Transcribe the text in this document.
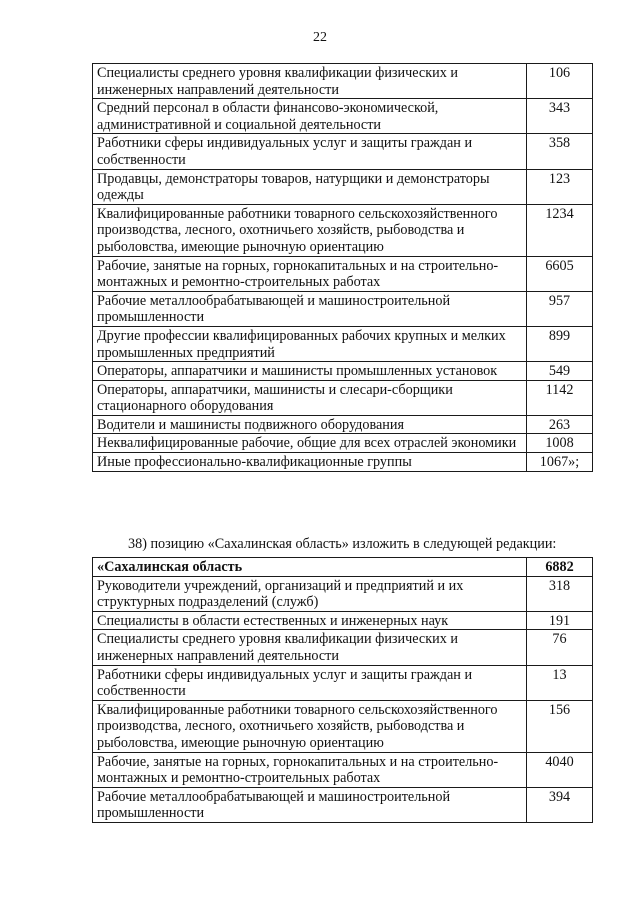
22
Специалисты среднего уровня квалификации физических и инженерных направлений деятельности	106
Средний персонал в области финансово-экономической, административной и социальной деятельности	343
Работники сферы индивидуальных услуг и защиты граждан и собственности	358
Продавцы, демонстраторы товаров, натурщики и демонстраторы одежды	123
Квалифицированные работники товарного сельскохозяйственного производства, лесного, охотничьего хозяйств, рыбоводства и рыболовства, имеющие рыночную ориентацию	1234
Рабочие, занятые на горных, горнокапитальных и на строительно-монтажных и ремонтно-строительных работах	6605
Рабочие металлообрабатывающей и машиностроительной промышленности	957
Другие профессии квалифицированных рабочих крупных и мелких промышленных предприятий	899
Операторы, аппаратчики и машинисты промышленных установок	549
Операторы, аппаратчики, машинисты и слесари-сборщики стационарного оборудования	1142
Водители и машинисты подвижного оборудования	263
Неквалифицированные рабочие, общие для всех отраслей экономики	1008
Иные профессионально-квалификационные группы	1067»;
38) позицию «Сахалинская область» изложить в следующей редакции:
«Сахалинская область	6882
Руководители учреждений, организаций и предприятий и их структурных подразделений (служб)	318
Специалисты в области естественных и инженерных наук	191
Специалисты среднего уровня квалификации физических и инженерных направлений деятельности	76
Работники сферы индивидуальных услуг и защиты граждан и собственности	13
Квалифицированные работники товарного сельскохозяйственного производства, лесного, охотничьего хозяйств, рыбоводства и рыболовства, имеющие рыночную ориентацию	156
Рабочие, занятые на горных, горнокапитальных и на строительно-монтажных и ремонтно-строительных работах	4040
Рабочие металлообрабатывающей и машиностроительной промышленности	394
